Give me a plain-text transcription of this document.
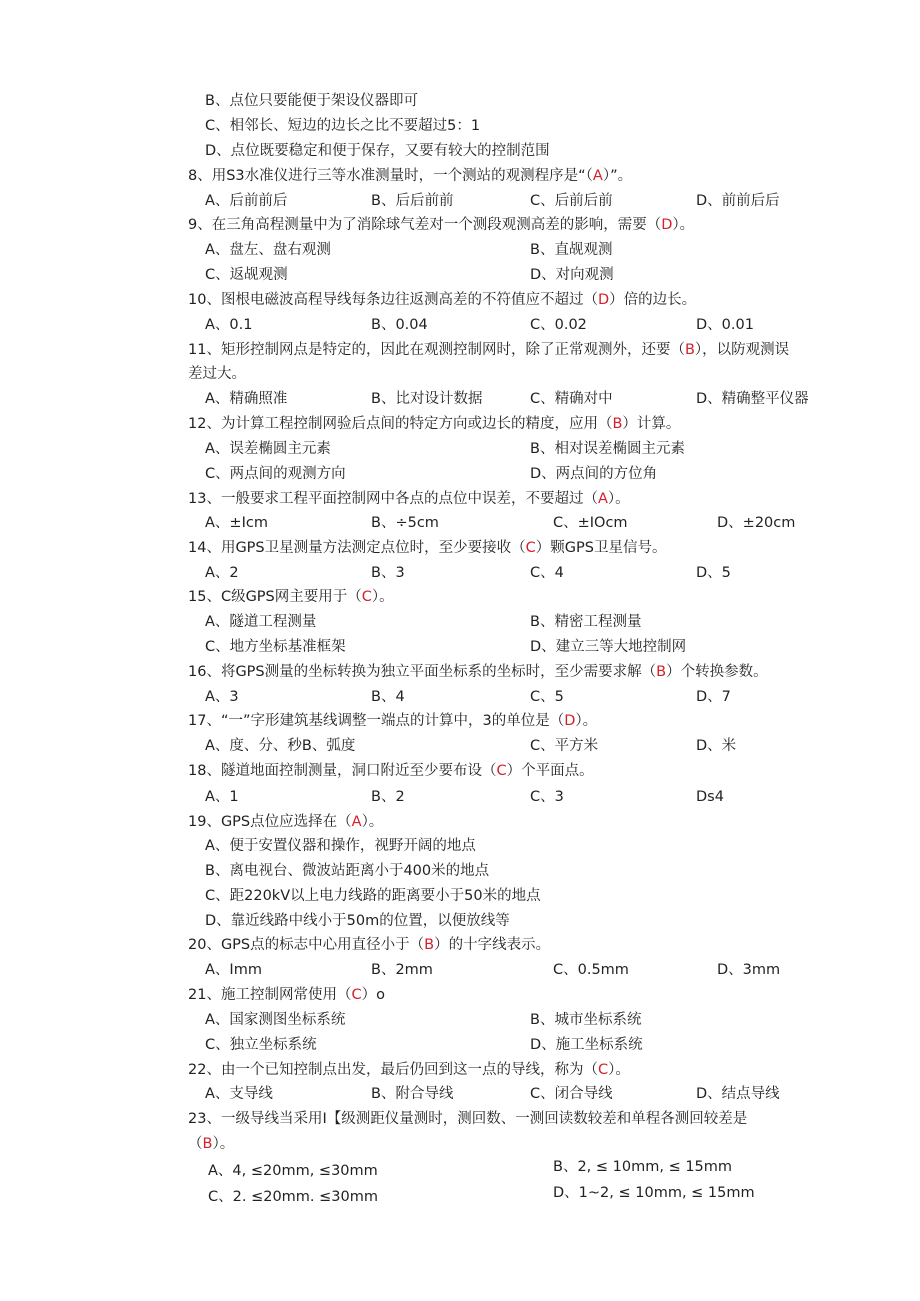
B、点位只要能便于架设仪器即可
C、相邻长、短边的边长之比不要超过5：1
D、点位既要稳定和便于保存，又要有较大的控制范围
8、用S3水准仪进行三等水准测量时，一个测站的观测程序是“（A）”。
A、后前前后	B、后后前前	C、后前后前	D、前前后后
9、在三角高程测量中为了消除球气差对一个测段观测高差的影响，需要（D）。
A、盘左、盘右观测	B、直觇观测
C、返觇观测	D、对向观测
10、图根电磁波高程导线每条边往返测高差的不符值应不超过（D）倍的边长。
A、0.1	B、0.04	C、0.02	D、0.01
11、矩形控制网点是特定的，因此在观测控制网时，除了正常观测外，还要（B），以防观测误
差过大。
A、精确照准	B、比对设计数据	C、精确对中	D、精确整平仪器
12、为计算工程控制网验后点间的特定方向或边长的精度，应用（B）计算。
A、误差椭圆主元素	B、相对误差椭圆主元素
C、两点间的观测方向	D、两点间的方位角
13、一般要求工程平面控制网中各点的点位中误差，不要超过（A）。
A、±Icm	B、÷5cm	C、±IOcm	D、±20cm
14、用GPS卫星测量方法测定点位时，至少要接收（C）颗GPS卫星信号。
A、2	B、3	C、4	D、5
15、C级GPS网主要用于（C）。
A、隧道工程测量	B、精密工程测量
C、地方坐标基准框架	D、建立三等大地控制网
16、将GPS测量的坐标转换为独立平面坐标系的坐标时，至少需要求解（B）个转换参数。
A、3	B、4	C、5	D、7
17、“一”字形建筑基线调整一端点的计算中，3的单位是（D）。
A、度、分、秒B、弧度	C、平方米	D、米
18、隧道地面控制测量，洞口附近至少要布设（C）个平面点。
A、1	B、2	C、3	Ds4
19、GPS点位应选择在（A）。
A、便于安置仪器和操作，视野开阔的地点
B、离电视台、微波站距离小于400米的地点
C、距220kV以上电力线路的距离要小于50米的地点
D、靠近线路中线小于50m的位置，以便放线等
20、GPS点的标志中心用直径小于（B）的十字线表示。
A、Imm	B、2mm	C、0.5mm	D、3mm
21、施工控制网常使用（C）o
A、国家测图坐标系统	B、城市坐标系统
C、独立坐标系统	D、施工坐标系统
22、由一个已知控制点出发，最后仍回到这一点的导线，称为（C）。
A、支导线	B、附合导线	C、闭合导线	D、结点导线
23、一级导线当采用I【级测距仪量测时，测回数、一测回读数较差和单程各测回较差是
（B）。
A、4, ≤20mm, ≤30mm	B、2, ≤ 10mm, ≤ 15mm
C、2. ≤20mm. ≤30mm	D、1~2, ≤ 10mm, ≤ 15mm
